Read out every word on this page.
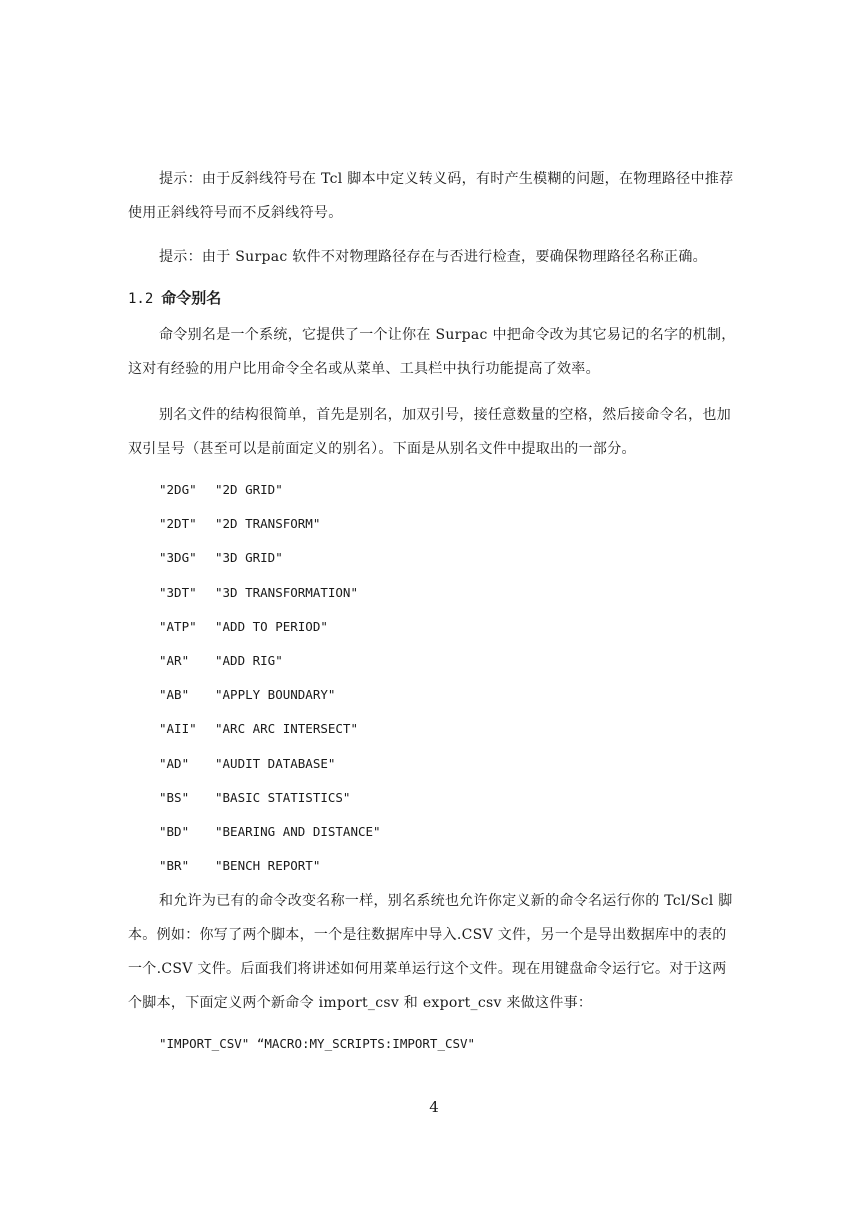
提示：由于反斜线符号在 Tcl 脚本中定义转义码，有时产生模糊的问题，在物理路径中推荐使用正斜线符号而不反斜线符号。

提示：由于 Surpac 软件不对物理路径存在与否进行检查，要确保物理路径名称正确。

1.2 命令别名

命令别名是一个系统，它提供了一个让你在 Surpac 中把命令改为其它易记的名字的机制，这对有经验的用户比用命令全名或从菜单、工具栏中执行功能提高了效率。

别名文件的结构很简单，首先是别名，加双引号，接任意数量的空格，然后接命令名，也加双引呈号（甚至可以是前面定义的别名）。下面是从别名文件中提取出的一部分。

"2DG" "2D GRID"
"2DT" "2D TRANSFORM"
"3DG" "3D GRID"
"3DT" "3D TRANSFORMATION"
"ATP" "ADD TO PERIOD"
"AR" "ADD RIG"
"AB" "APPLY BOUNDARY"
"AII" "ARC ARC INTERSECT"
"AD" "AUDIT DATABASE"
"BS" "BASIC STATISTICS"
"BD" "BEARING AND DISTANCE"
"BR" "BENCH REPORT"

和允许为已有的命令改变名称一样，别名系统也允许你定义新的命令名运行你的 Tcl/Scl 脚本。例如：你写了两个脚本，一个是往数据库中导入.CSV 文件，另一个是导出数据库中的表的一个.CSV 文件。后面我们将讲述如何用菜单运行这个文件。现在用键盘命令运行它。对于这两个脚本，下面定义两个新命令 import_csv 和 export_csv 来做这件事：

"IMPORT_CSV" “MACRO:MY_SCRIPTS:IMPORT_CSV"
4
